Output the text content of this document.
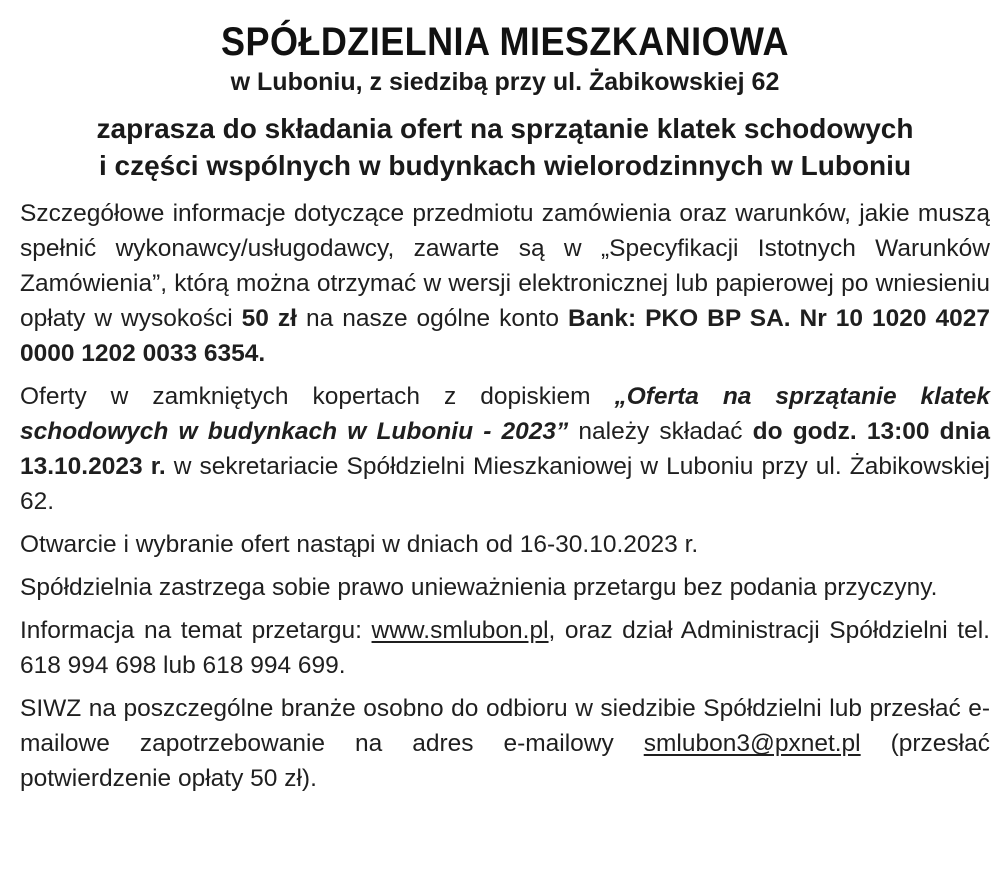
SPÓŁDZIELNIA MIESZKANIOWA
w Luboniu, z siedzibą przy ul. Żabikowskiej 62
zaprasza do składania ofert na sprzątanie klatek schodowych
i części wspólnych w budynkach wielorodzinnych w Luboniu

Szczegółowe informacje dotyczące przedmiotu zamówienia oraz warunków, jakie muszą spełnić wykonawcy/usługodawcy, zawarte są w „Specyfikacji Istotnych Warunków Zamówienia”, którą można otrzymać w wersji elektronicznej lub papierowej po wniesieniu opłaty w wysokości 50 zł na nasze ogólne konto Bank: PKO BP SA. Nr 10 1020 4027 0000 1202 0033 6354.

Oferty w zamkniętych kopertach z dopiskiem „Oferta na sprzątanie klatek schodowych w budynkach w Luboniu - 2023” należy składać do godz. 13:00 dnia 13.10.2023 r. w sekretariacie Spółdzielni Mieszkaniowej w Luboniu przy ul. Żabikowskiej 62.

Otwarcie i wybranie ofert nastąpi w dniach od 16-30.10.2023 r.

Spółdzielnia zastrzega sobie prawo unieważnienia przetargu bez podania przyczyny.

Informacja na temat przetargu: www.smlubon.pl, oraz dział Administracji Spółdzielni tel. 618 994 698 lub 618 994 699.

SIWZ na poszczególne branże osobno do odbioru w siedzibie Spółdzielni lub przesłać e-mailowe zapotrzebowanie na adres e-mailowy smlubon3@pxnet.pl (przesłać potwierdzenie opłaty 50 zł).
